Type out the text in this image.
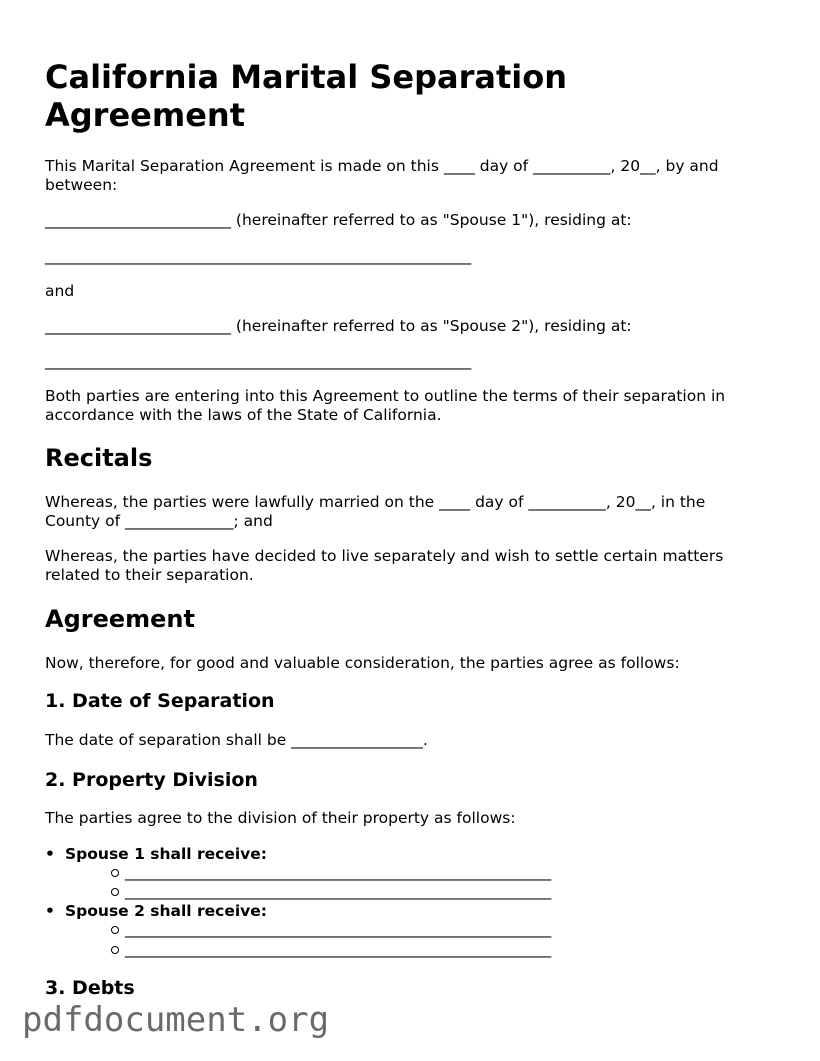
California Marital Separation Agreement

This Marital Separation Agreement is made on this ____ day of __________, 20__, by and between:

________________________ (hereinafter referred to as "Spouse 1"), residing at:

_______________________________________________________

and

________________________ (hereinafter referred to as "Spouse 2"), residing at:

_______________________________________________________

Both parties are entering into this Agreement to outline the terms of their separation in accordance with the laws of the State of California.

Recitals

Whereas, the parties were lawfully married on the ____ day of __________, 20__, in the County of ______________; and

Whereas, the parties have decided to live separately and wish to settle certain matters related to their separation.

Agreement

Now, therefore, for good and valuable consideration, the parties agree as follows:

1. Date of Separation

The date of separation shall be _________________.

2. Property Division

The parties agree to the division of their property as follows:

• Spouse 1 shall receive:
_______________________________________________________
_______________________________________________________
• Spouse 2 shall receive:
_______________________________________________________
_______________________________________________________
3. Debts
pdfdocument.org
